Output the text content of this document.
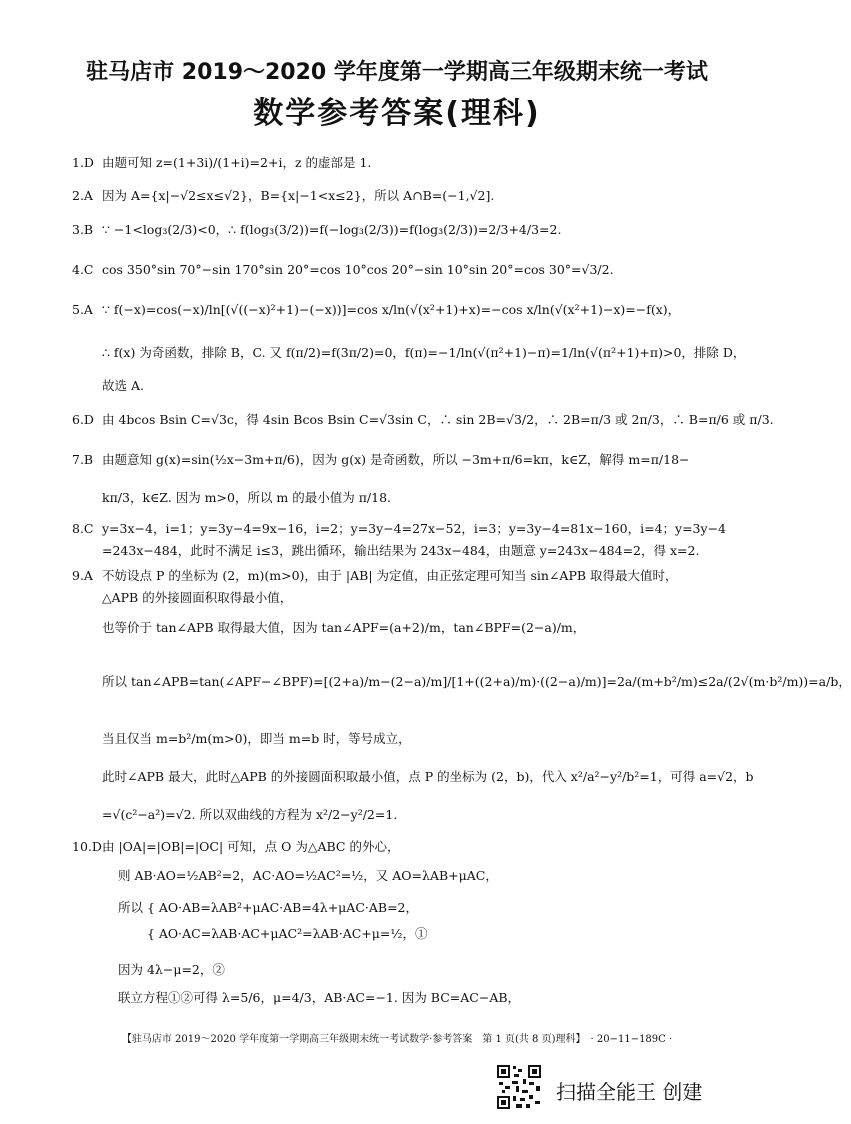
驻马店市 2019～2020 学年度第一学期高三年级期末统一考试
数学参考答案(理科)
1.D 由题可知 z=(1+3i)/(1+i)=2+i，z 的虚部是 1.
2.A 因为 A={x|−√2≤x≤√2}，B={x|−1<x≤2}，所以 A∩B=(−1,√2].
3.B ∵ −1<log₃(2/3)<0，∴ f(log₃(3/2))=f(−log₃(2/3))=f(log₃(2/3))=2/3+4/3=2.
4.C cos 350°sin 70°−sin 170°sin 20°=cos 10°cos 20°−sin 10°sin 20°=cos 30°=√3/2.
5.A ∵ f(−x)=cos(−x)/ln[(√((−x)²+1)−(−x))]=cos x/ln(√(x²+1)+x)=−cos x/ln(√(x²+1)−x)=−f(x)，
∴ f(x) 为奇函数，排除 B，C. 又 f(π/2)=f(3π/2)=0，f(π)=−1/ln(√(π²+1)−π)=1/ln(√(π²+1)+π)>0，排除 D，
故选 A.
6.D 由 4bcos Bsin C=√3c，得 4sin Bcos Bsin C=√3sin C，∴ sin 2B=√3/2，∴ 2B=π/3 或 2π/3，∴ B=π/6 或 π/3.
7.B 由题意知 g(x)=sin(½x−3m+π/6)，因为 g(x) 是奇函数，所以 −3m+π/6=kπ，k∈Z，解得 m=π/18−
kπ/3，k∈Z. 因为 m>0，所以 m 的最小值为 π/18.
8.C y=3x−4，i=1；y=3y−4=9x−16，i=2；y=3y−4=27x−52，i=3；y=3y−4=81x−160，i=4；y=3y−4
=243x−484，此时不满足 i≤3，跳出循环，输出结果为 243x−484，由题意 y=243x−484=2，得 x=2.
9.A 不妨设点 P 的坐标为 (2，m)(m>0)，由于 |AB| 为定值，由正弦定理可知当 sin∠APB 取得最大值时，
△APB 的外接圆面积取得最小值，
也等价于 tan∠APB 取得最大值，因为 tan∠APF=(a+2)/m，tan∠BPF=(2−a)/m，
所以 tan∠APB=tan(∠APF−∠BPF)=[(2+a)/m−(2−a)/m]/[1+((2+a)/m)·((2−a)/m)]=2a/(m+b²/m)≤2a/(2√(m·b²/m))=a/b，
当且仅当 m=b²/m(m>0)，即当 m=b 时，等号成立，
此时∠APB 最大，此时△APB 的外接圆面积取最小值，点 P 的坐标为 (2，b)，代入 x²/a²−y²/b²=1，可得 a=√2，b
=√(c²−a²)=√2. 所以双曲线的方程为 x²/2−y²/2=1.
10.D由 |OA|=|OB|=|OC| 可知，点 O 为△ABC 的外心，
则 AB·AO=½AB²=2，AC·AO=½AC²=½，又 AO=λAB+μAC，
所以 { AO·AB=λAB²+μAC·AB=4λ+μAC·AB=2，
　　 { AO·AC=λAB·AC+μAC²=λAB·AC+μ=½，①
因为 4λ−μ=2，②
联立方程①②可得 λ=5/6，μ=4/3，AB·AC=−1. 因为 BC=AC−AB，
【驻马店市 2019～2020 学年度第一学期高三年级期末统一考试数学·参考答案　第 1 页(共 8 页)理科】　· 20−11−189C ·
扫描全能王 创建
